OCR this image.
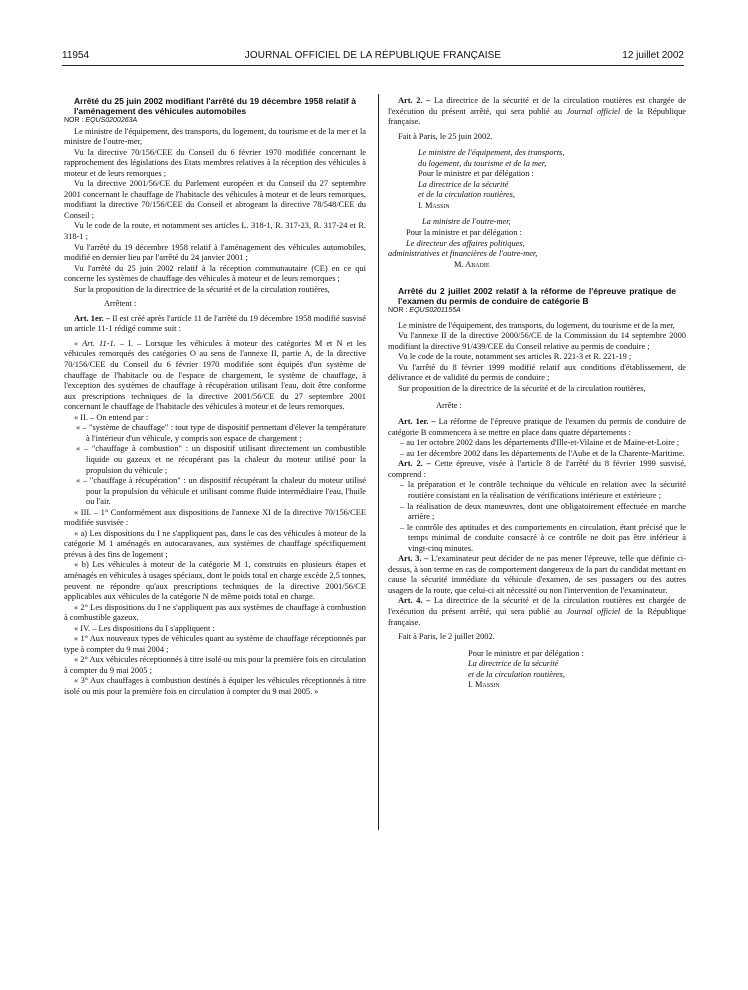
11954	JOURNAL OFFICIEL DE LA RÉPUBLIQUE FRANÇAISE	12 juillet 2002

Arrêté du 25 juin 2002 modifiant l'arrêté du 19 décembre 1958 relatif à l'aménagement des véhicules automobiles

NOR : EQUS0200263A

Le ministre de l'équipement, des transports, du logement, du tourisme et de la mer et la ministre de l'outre-mer,

Vu la directive 70/156/CEE du Conseil du 6 février 1970 modifiée concernant le rapprochement des législations des Etats membres relatives à la réception des véhicules à moteur et de leurs remorques ;

Vu la directive 2001/56/CE du Parlement européen et du Conseil du 27 septembre 2001 concernant le chauffage de l'habitacle des véhicules à moteur et de leurs remorques, modifiant la directive 70/156/CEE du Conseil et abrogeant la directive 78/548/CEE du Conseil ;

Vu le code de la route, et notamment ses articles L. 318-1, R. 317-23, R. 317-24 et R. 318-1 ;

Vu l'arrêté du 19 décembre 1958 relatif à l'aménagement des véhicules automobiles, modifié en dernier lieu par l'arrêté du 24 janvier 2001 ;

Vu l'arrêté du 25 juin 2002 relatif à la réception communautaire (CE) en ce qui concerne les systèmes de chauffage des véhicules à moteur et de leurs remorques ;

Sur la proposition de la directrice de la sécurité et de la circulation routières,

Arrêtent :

Art. 1er. – Il est créé après l'article 11 de l'arrêté du 19 décembre 1958 modifié susvisé un article 11-1 rédigé comme suit :

« Art. 11-1. – I. – Lorsque les véhicules à moteur des catégories M et N et les véhicules remorqués des catégories O au sens de l'annexe II, partie A, de la directive 70/156/CEE du Conseil du 6 février 1970 modifiée sont équipés d'un système de chauffage de l'habitacle ou de l'espace de chargement, le système de chauffage, à l'exception des systèmes de chauffage à récupération utilisant l'eau, doit être conforme aux prescriptions techniques de la directive 2001/56/CE du 27 septembre 2001 concernant le chauffage de l'habitacle des véhicules à moteur et de leurs remorques.

« II. – On entend par :

« – "système de chauffage" : tout type de dispositif permettant d'élever la température à l'intérieur d'un véhicule, y compris son espace de chargement ;

« – "chauffage à combustion" : un dispositif utilisant directement un combustible liquide ou gazeux et ne récupérant pas la chaleur du moteur utilisé pour la propulsion du véhicule ;

« – "chauffage à récupération" : un dispositif récupérant la chaleur du moteur utilisé pour la propulsion du véhicule et utilisant comme fluide intermédiaire l'eau, l'huile ou l'air.

« III. – 1° Conformément aux dispositions de l'annexe XI de la directive 70/156/CEE modifiée susvisée :

« a) Les dispositions du I ne s'appliquent pas, dans le cas des véhicules à moteur de la catégorie M 1 aménagés en autocaravanes, aux systèmes de chauffage spécifiquement prévus à des fins de logement ;

« b) Les véhicules à moteur de la catégorie M 1, construits en plusieurs étapes et aménagés en véhicules à usages spéciaux, dont le poids total en charge excède 2,5 tonnes, peuvent ne répondre qu'aux prescriptions techniques de la directive 2001/56/CE applicables aux véhicules de la catégorie N de même poids total en charge.

« 2° Les dispositions du I ne s'appliquent pas aux systèmes de chauffage à combustion à combustible gazeux.

« IV. – Les dispositions du I s'appliquent :

« 1° Aux nouveaux types de véhicules quant au système de chauffage réceptionnés par type à compter du 9 mai 2004 ;

« 2° Aux véhicules réceptionnés à titre isolé ou mis pour la première fois en circulation à compter du 9 mai 2005 ;

« 3° Aux chauffages à combustion destinés à équiper les véhicules réceptionnés à titre isolé ou mis pour la première fois en circulation à compter du 9 mai 2005. »

Art. 2. – La directrice de la sécurité et de la circulation routières est chargée de l'exécution du présent arrêté, qui sera publié au Journal officiel de la République française.

Fait à Paris, le 25 juin 2002.

Le ministre de l'équipement, des transports,

du logement, du tourisme et de la mer,

Pour le ministre et par délégation :

La directrice de la sécurité

et de la circulation routières,

I. Massin

La ministre de l'outre-mer,

Pour la ministre et par délégation :

Le directeur des affaires politiques,

administratives et financières de l'outre-mer,

M. Abadie

Arrêté du 2 juillet 2002 relatif à la réforme de l'épreuve pratique de l'examen du permis de conduire de catégorie B

NOR : EQUS0201155A

Le ministre de l'équipement, des transports, du logement, du tourisme et de la mer,

Vu l'annexe II de la directive 2000/56/CE de la Commission du 14 septembre 2000 modifiant la directive 91/439/CEE du Conseil relative au permis de conduire ;

Vu le code de la route, notamment ses articles R. 221-3 et R. 221-19 ;

Vu l'arrêté du 8 février 1999 modifié relatif aux conditions d'établissement, de délivrance et de validité du permis de conduire ;

Sur proposition de la directrice de la sécurité et de la circulation routières,

Arrête :

Art. 1er. – La réforme de l'épreuve pratique de l'examen du permis de conduire de catégorie B commencera à se mettre en place dans quatre départements :

– au 1er octobre 2002 dans les départements d'Ille-et-Vilaine et de Maine-et-Loire ;

– au 1er décembre 2002 dans les départements de l'Aube et de la Charente-Maritime.

Art. 2. – Cette épreuve, visée à l'article 8 de l'arrêté du 8 février 1999 susvisé, comprend :

– la préparation et le contrôle technique du véhicule en relation avec la sécurité routière consistant en la réalisation de vérifications intérieure et extérieure ;

– la réalisation de deux manœuvres, dont une obligatoirement effectuée en marche arrière ;

– le contrôle des aptitudes et des comportements en circulation, étant précisé que le temps minimal de conduite consacré à ce contrôle ne doit pas être inférieur à vingt-cinq minutes.

Art. 3. – L'examinateur peut décider de ne pas mener l'épreuve, telle que définie ci-dessus, à son terme en cas de comportement dangereux de la part du candidat mettant en cause la sécurité immédiate du véhicule d'examen, de ses passagers ou des autres usagers de la route, que celui-ci ait nécessité ou non l'intervention de l'examinateur.

Art. 4. – La directrice de la sécurité et de la circulation routières est chargée de l'exécution du présent arrêté, qui sera publié au Journal officiel de la République française.

Fait à Paris, le 2 juillet 2002.

Pour le ministre et par délégation :

La directrice de la sécurité

et de la circulation routières,

I. Massin
